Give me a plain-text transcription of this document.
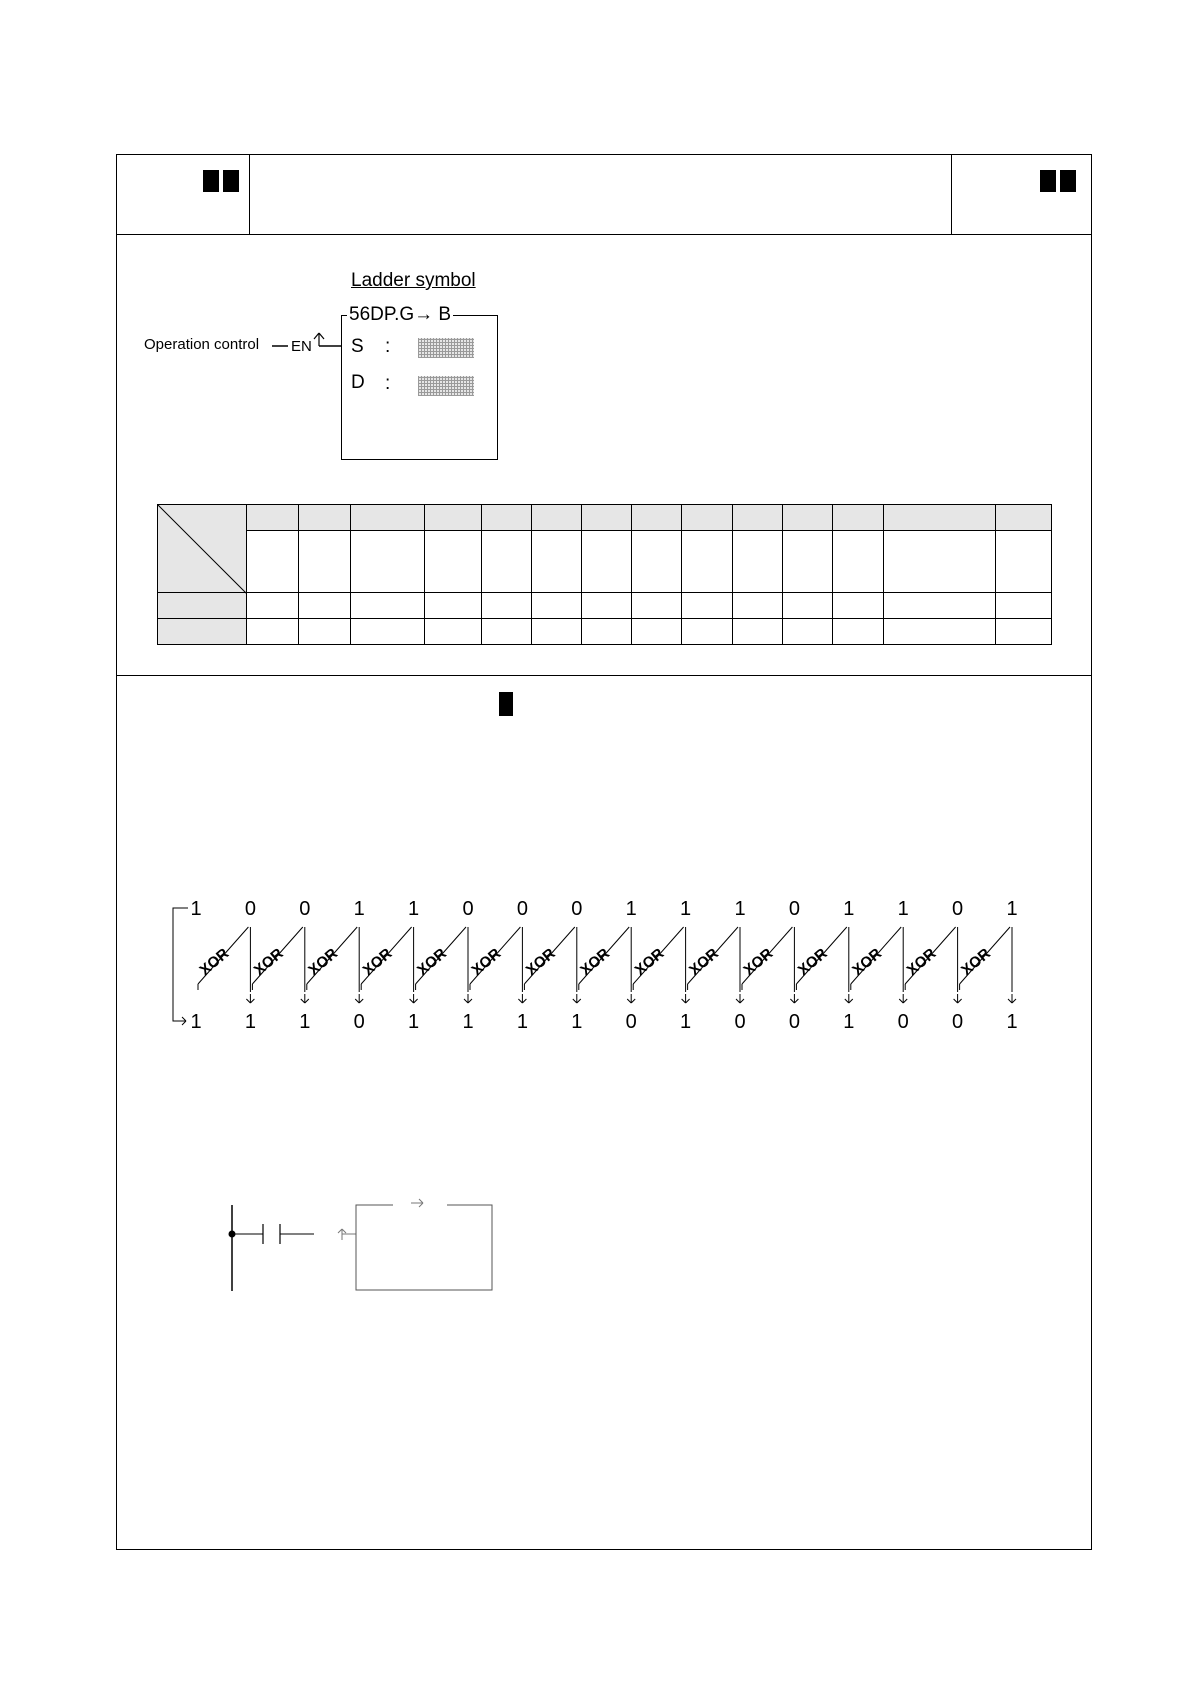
Ladder symbol
56DP.G→ B
Operation control EN S :
D :

1 0 0 1 1 0 0 0 1 1 1 0 1 1 0 1
1 1 1 0 1 1 1 1 0 1 0 0 1 0 0 1
XOR XOR XOR XOR XOR XOR XOR XOR XOR XOR XOR XOR XOR XOR XOR
